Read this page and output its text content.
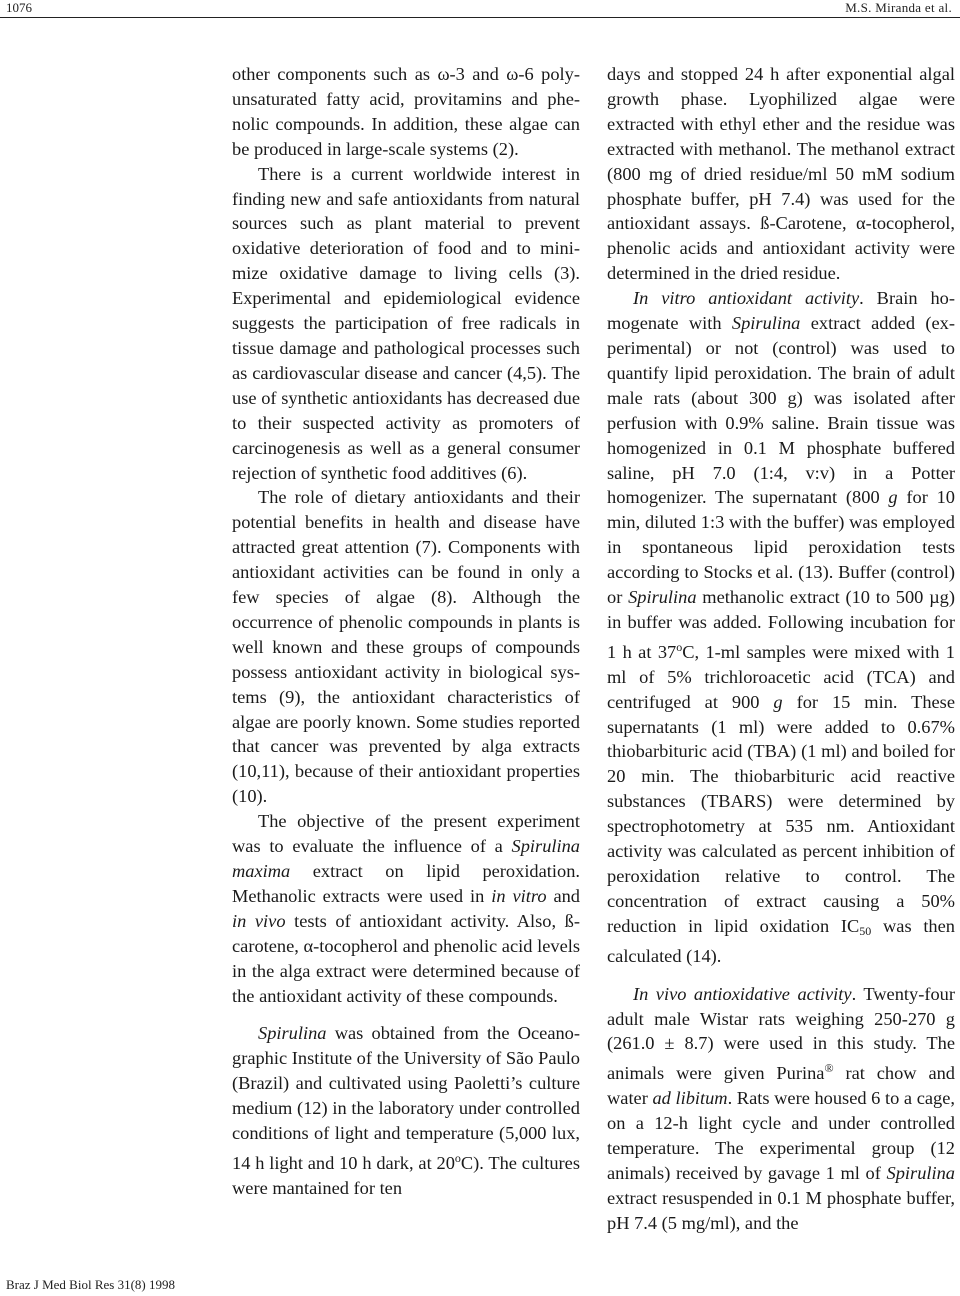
1076	M.S. Miranda et al.

other components such as ω-3 and ω-6 polyunsaturated fatty acid, provitamins and phenolic compounds. In addition, these algae can be produced in large-scale systems (2).

There is a current worldwide interest in finding new and safe antioxidants from natural sources such as plant material to prevent oxidative deterioration of food and to minimize oxidative damage to living cells (3). Experimental and epidemiological evidence suggests the participation of free radicals in tissue damage and pathological processes such as cardiovascular disease and cancer (4,5). The use of synthetic antioxidants has decreased due to their suspected activity as promoters of carcinogenesis as well as a general consumer rejection of synthetic food additives (6).

The role of dietary antioxidants and their potential benefits in health and disease have attracted great attention (7). Components with antioxidant activities can be found in only a few species of algae (8). Although the occurrence of phenolic compounds in plants is well known and these groups of compounds possess antioxidant activity in biological systems (9), the antioxidant characteristics of algae are poorly known. Some studies reported that cancer was prevented by alga extracts (10,11), because of their antioxidant properties (10).

The objective of the present experiment was to evaluate the influence of a Spirulina maxima extract on lipid peroxidation. Methanolic extracts were used in in vitro and in vivo tests of antioxidant activity. Also, ß-carotene, α-tocopherol and phenolic acid levels in the alga extract were determined because of the antioxidant activity of these compounds.

Spirulina was obtained from the Oceanographic Institute of the University of São Paulo (Brazil) and cultivated using Paoletti’s culture medium (12) in the laboratory under controlled conditions of light and temperature (5,000 lux, 14 h light and 10 h dark, at 20$^o$C). The cultures were mantained for ten

days and stopped 24 h after exponential algal growth phase. Lyophilized algae were extracted with ethyl ether and the residue was extracted with methanol. The methanol extract (800 mg of dried residue/ml 50 mM sodium phosphate buffer, pH 7.4) was used for the antioxidant assays. ß-Carotene, α-tocopherol, phenolic acids and antioxidant activity were determined in the dried residue.

In vitro antioxidant activity. Brain homogenate with Spirulina extract added (experimental) or not (control) was used to quantify lipid peroxidation. The brain of adult male rats (about 300 g) was isolated after perfusion with 0.9% saline. Brain tissue was homogenized in 0.1 M phosphate buffered saline, pH 7.0 (1:4, v:v) in a Potter homogenizer. The supernatant (800 g for 10 min, diluted 1:3 with the buffer) was employed in spontaneous lipid peroxidation tests according to Stocks et al. (13). Buffer (control) or Spirulina methanolic extract (10 to 500 µg) in buffer was added. Following incubation for 1 h at 37$^o$C, 1-ml samples were mixed with 1 ml of 5% trichloroacetic acid (TCA) and centrifuged at 900 g for 15 min. These supernatants (1 ml) were added to 0.67% thiobarbituric acid (TBA) (1 ml) and boiled for 20 min. The thiobarbituric acid reactive substances (TBARS) were determined by spectrophotometry at 535 nm. Antioxidant activity was calculated as percent inhibition of peroxidation relative to control. The concentration of extract causing a 50% reduction in lipid oxidation $IC_{50}$ was then calculated (14).

In vivo antioxidative activity. Twenty-four adult male Wistar rats weighing 250-270 g (261.0 ± 8.7) were used in this study. The animals were given Purina® rat chow and water ad libitum. Rats were housed 6 to a cage, on a 12-h light cycle and under controlled temperature. The experimental group (12 animals) received by gavage 1 ml of Spirulina extract resuspended in 0.1 M phosphate buffer, pH 7.4 (5 mg/ml), and the

Braz J Med Biol Res 31(8) 1998
